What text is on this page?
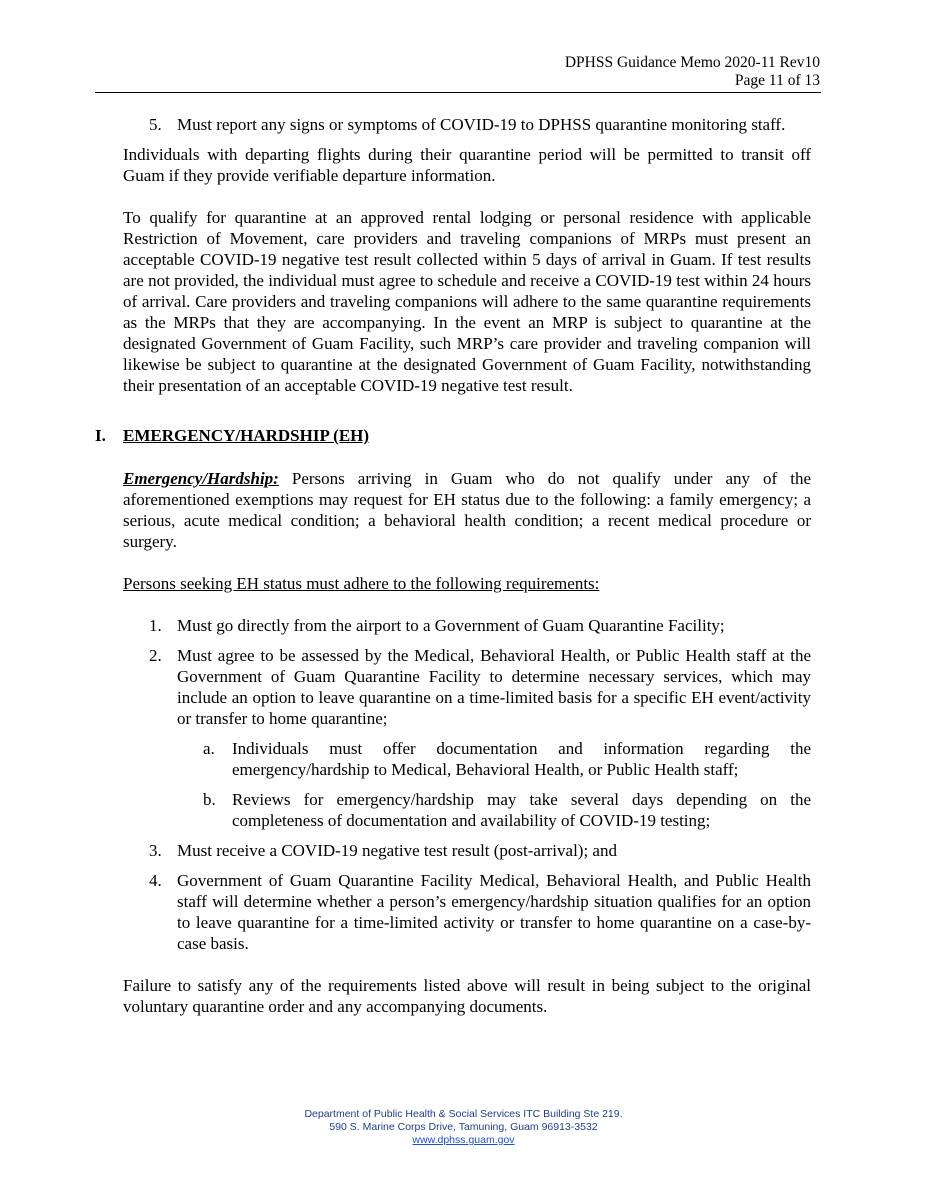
DPHSS Guidance Memo 2020-11 Rev10
Page 11 of 13
5. Must report any signs or symptoms of COVID-19 to DPHSS quarantine monitoring staff.

Individuals with departing flights during their quarantine period will be permitted to transit off Guam if they provide verifiable departure information.

To qualify for quarantine at an approved rental lodging or personal residence with applicable Restriction of Movement, care providers and traveling companions of MRPs must present an acceptable COVID-19 negative test result collected within 5 days of arrival in Guam. If test results are not provided, the individual must agree to schedule and receive a COVID-19 test within 24 hours of arrival. Care providers and traveling companions will adhere to the same quarantine requirements as the MRPs that they are accompanying. In the event an MRP is subject to quarantine at the designated Government of Guam Facility, such MRP’s care provider and traveling companion will likewise be subject to quarantine at the designated Government of Guam Facility, notwithstanding their presentation of an acceptable COVID-19 negative test result.

I. EMERGENCY/HARDSHIP (EH)

Emergency/Hardship: Persons arriving in Guam who do not qualify under any of the aforementioned exemptions may request for EH status due to the following: a family emergency; a serious, acute medical condition; a behavioral health condition; a recent medical procedure or surgery.

Persons seeking EH status must adhere to the following requirements:

1. Must go directly from the airport to a Government of Guam Quarantine Facility;

2. Must agree to be assessed by the Medical, Behavioral Health, or Public Health staff at the Government of Guam Quarantine Facility to determine necessary services, which may include an option to leave quarantine on a time-limited basis for a specific EH event/activity or transfer to home quarantine;

a. Individuals must offer documentation and information regarding the emergency/hardship to Medical, Behavioral Health, or Public Health staff;

b. Reviews for emergency/hardship may take several days depending on the completeness of documentation and availability of COVID-19 testing;

3. Must receive a COVID-19 negative test result (post-arrival); and

4. Government of Guam Quarantine Facility Medical, Behavioral Health, and Public Health staff will determine whether a person’s emergency/hardship situation qualifies for an option to leave quarantine for a time-limited activity or transfer to home quarantine on a case-by-case basis.

Failure to satisfy any of the requirements listed above will result in being subject to the original voluntary quarantine order and any accompanying documents.

Department of Public Health & Social Services ITC Building Ste 219.
590 S. Marine Corps Drive, Tamuning, Guam 96913-3532
www.dphss.guam.gov
